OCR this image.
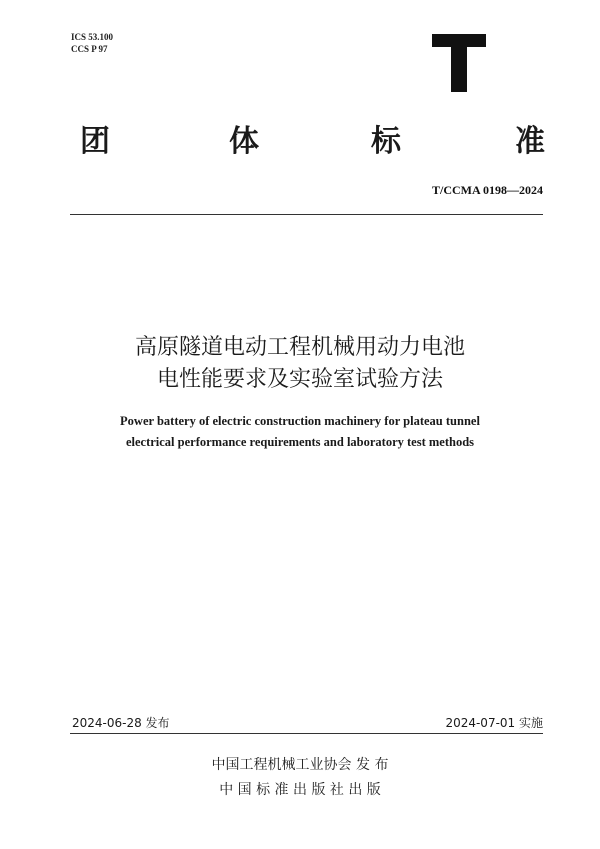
ICS 53.100
CCS P 97
团	体	标	准
T/CCMA 0198—2024
高原隧道电动工程机械用动力电池
电性能要求及实验室试验方法
Power battery of electric construction machinery for plateau tunnel
electrical performance requirements and laboratory test methods
2024-06-28 发布	2024-07-01 实施
中国工程机械工业协会 发 布
中 国 标 准 出 版 社 出 版
